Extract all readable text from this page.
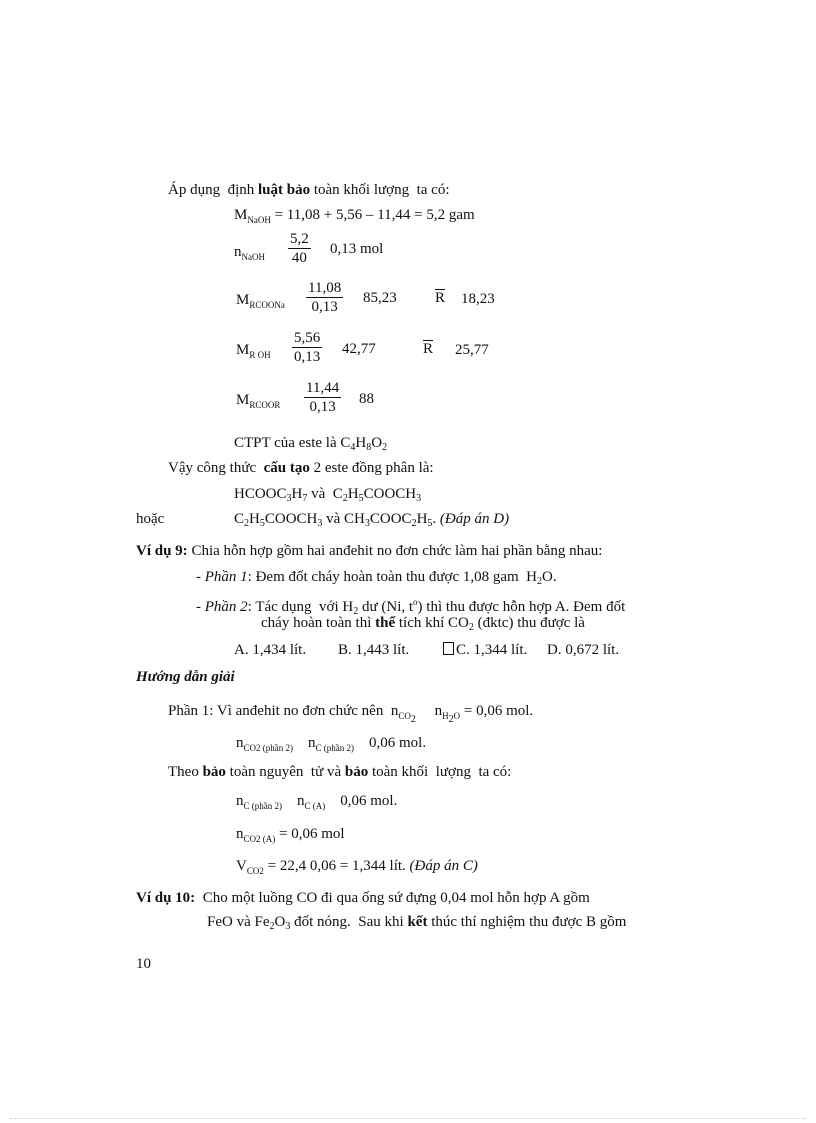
Áp dụng  định luật bảo toàn khối lượng  ta có:
$M_{NaOH} = 11,08 + 5,56 - 11,44 = 5,2$ gam
$n_{NaOH} \frac{5,2}{40} 0,13$ mol
$M_{RCOONa} \frac{11,08}{0,13} 85,23$	$\overline{R}$ 18,23
$M_{R OH} \frac{5,56}{0,13} 42,77$	$\overline{R}$ 25,77
$M_{RCOOR} \frac{11,44}{0,13} 88$
CTPT của este là $C_4H_8O_2$
Vậy công thức  cấu tạo 2 este đồng phân là:
$HCOOC_3H_7$ và  $C_2H_5COOCH_3$
hoặc	$C_2H_5COOCH_3$ và $CH_3COOC_2H_5$. (Đáp án D)
Ví dụ 9: Chia hỗn hợp gồm hai anđehit no đơn chức làm hai phần bằng nhau:
- Phần 1: Đem đốt cháy hoàn toàn thu được 1,08 gam  $H_2O$.
- Phần 2: Tác dụng  với $H_2$ dư (Ni, $t^o$) thì thu được hỗn hợp A. Đem đốt
cháy hoàn toàn thì thể tích khí $CO_2$ (đktc) thu được là
A. 1,434 lít. B. 1,443 lít.	C. 1,344 lít. D. 0,672 lít.
Hướng dẫn giải
Phần 1: Vì anđehit no đơn chức nên $n_{CO_2}$     $n_{H_2O} = 0,06$ mol.
$n_{CO2 (phần 2)}$ $n_{C (phần 2)}$ 0,06 mol.
Theo bảo toàn nguyên  tử và bảo toàn khối  lượng  ta có:
$n_{C (phần 2)}$ $n_{C (A)}$ 0,06 mol.
$n_{CO2 (A)} = 0,06$ mol
$V_{CO2} = 22,4$ 0,06 = 1,344 lít. (Đáp án C)
Ví dụ 10: Cho một luồng CO đi qua ống sứ đựng 0,04 mol hỗn hợp A gồm
FeO và $Fe_2O_3$ đốt nóng.  Sau khi kết thúc thí nghiệm thu được B gồm
10
